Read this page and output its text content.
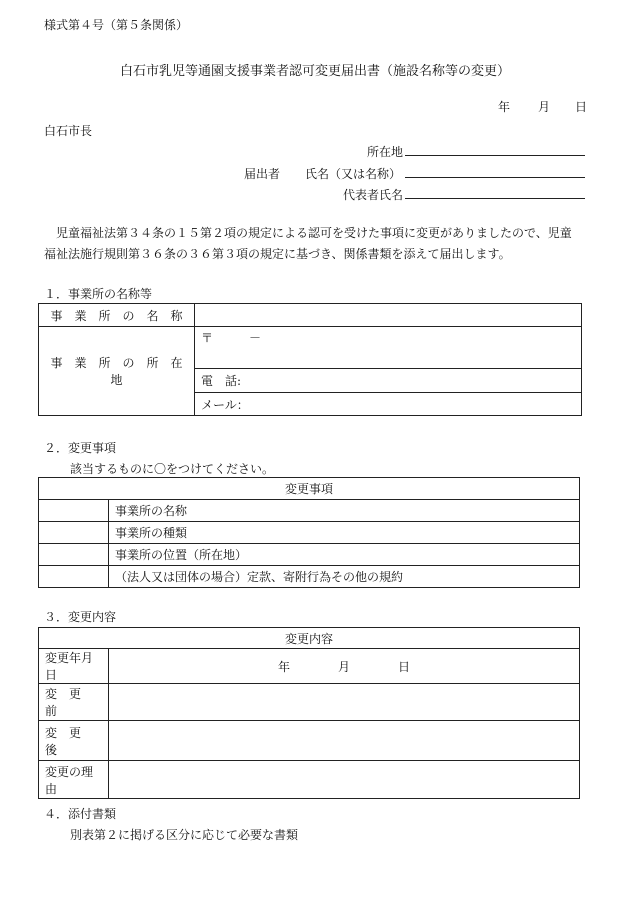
様式第４号（第５条関係）
白石市乳児等通園支援事業者認可変更届出書（施設名称等の変更）
年 月 日
白石市長
所在地
届出者 氏名（又は名称）
代表者氏名
児童福祉法第３４条の１５第２項の規定による認可を受けた事項に変更がありましたので、児童
福祉法施行規則第３６条の３６第３項の規定に基づき、関係書類を添えて届出します。
１．事業所の名称等
事　業　所　の　名　称	
事　業　所　の　所　在　地	〒　　　－
	電　話:
	メール：
２．変更事項
該当するものに〇をつけてください。
変更事項	
	事業所の名称
	事業所の種類
	事業所の位置（所在地）
	（法人又は団体の場合）定款、寄附行為その他の規約
３．変更内容
変更内容	
変更年月日	年　　　　月　　　　日
変　更　前	
変　更　後	
変更の理由	
４．添付書類
別表第２に掲げる区分に応じて必要な書類
